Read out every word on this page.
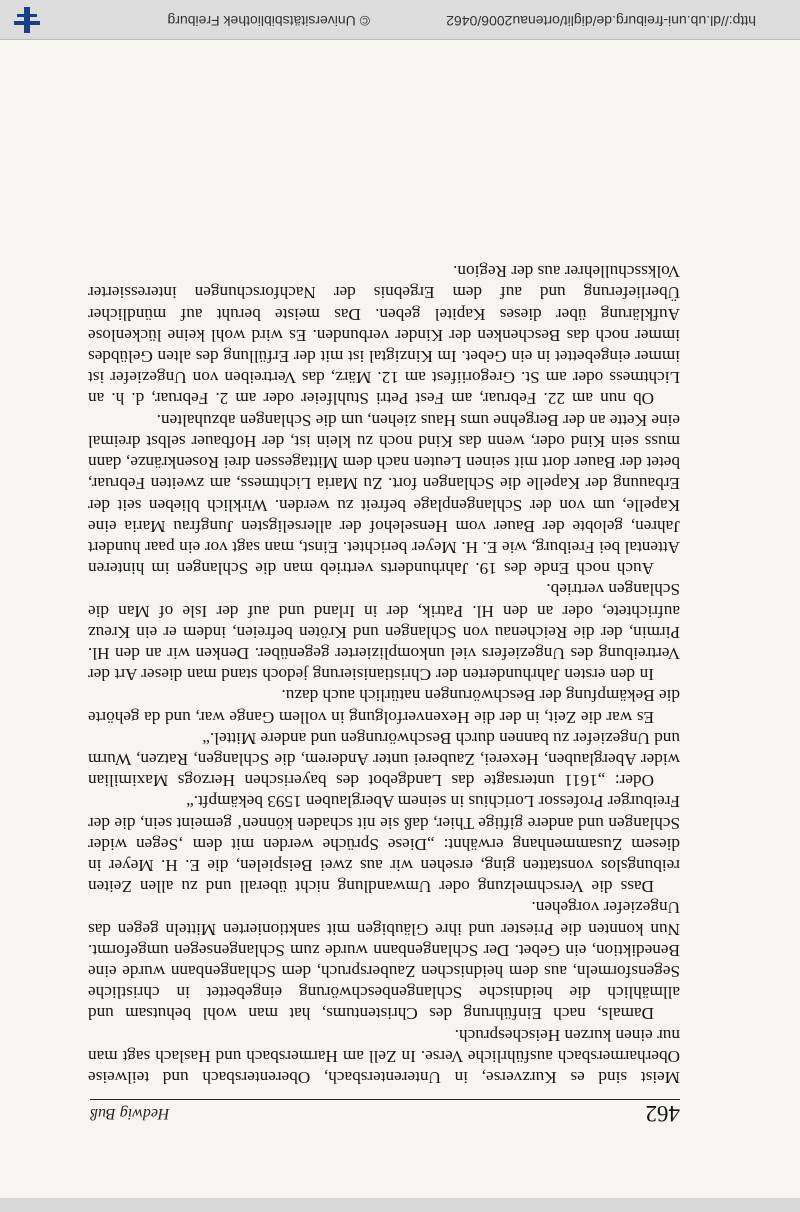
462
Hedwig Buß

Meist sind es Kurzverse, in Unterentersbach, Oberentersbach und teilweise Oberharmersbach ausführliche Verse. In Zell am Harmersbach und Haslach sagt man nur einen kurzen Heischespruch.

Damals, nach Einführung des Christentums, hat man wohl behutsam und allmählich die heidnische Schlangenbeschwörung eingebettet in christliche Segensformeln, aus dem heidnischen Zauberspruch, dem Schlangenbann wurde eine Benediktion, ein Gebet. Der Schlangenbann wurde zum Schlangensegen umgeformt. Nun konnten die Priester und ihre Gläubigen mit sanktionierten Mitteln gegen das Ungeziefer vorgehen.

Dass die Verschmelzung oder Umwandlung nicht überall und zu allen Zeiten reibungslos vonstatten ging, ersehen wir aus zwei Beispielen, die E. H. Meyer in diesem Zusammenhang erwähnt: „Diese Sprüche werden mit dem ‚Segen wider Schlangen und andere giftige Thier, daß sie nit schaden können‘ gemeint sein, die der Freiburger Professor Lorichius in seinem Aberglauben 1593 bekämpft.“

Oder: „1611 untersagte das Landgebot des bayerischen Herzogs Maximilian wider Aberglauben, Hexerei, Zauberei unter Anderem, die Schlangen, Ratzen, Wurm und Ungeziefer zu bannen durch Beschwörungen und andere Mittel.“

Es war die Zeit, in der die Hexenverfolgung in vollem Gange war, und da gehörte die Bekämpfung der Beschwörungen natürlich auch dazu.

In den ersten Jahrhunderten der Christianisierung jedoch stand man dieser Art der Vertreibung des Ungeziefers viel unkomplizierter gegenüber. Denken wir an den Hl. Pirmin, der die Reichenau von Schlangen und Kröten befreien, indem er ein Kreuz aufrichtete, oder an den Hl. Patrik, der in Irland und auf der Isle of Man die Schlangen vertrieb.

Auch noch Ende des 19. Jahrhunderts vertrieb man die Schlangen im hinteren Attental bei Freiburg, wie E. H. Meyer berichtet. Einst, man sagt vor ein paar hundert Jahren, gelobte der Bauer vom Henselehof der allerseligsten Jungfrau Maria eine Kapelle, um von der Schlangenplage befreit zu werden. Wirklich blieben seit der Erbauung der Kapelle die Schlangen fort. Zu Maria Lichtmess, am zweiten Februar, betet der Bauer dort mit seinen Leuten nach dem Mittagessen drei Rosenkränze, dann muss sein Kind oder, wenn das Kind noch zu klein ist, der Hofbauer selbst dreimal eine Kette an der Bergehne ums Haus ziehen, um die Schlangen abzuhalten.

Ob nun am 22. Februar, am Fest Petri Stuhlfeier oder am 2. Februar, d. h. an Lichtmess oder am St. Gregoriifest am 12. März, das Vertreiben von Ungeziefer ist immer eingebettet in ein Gebet. Im Kinzigtal ist mit der Erfüllung des alten Gelübdes immer noch das Beschenken der Kinder verbunden. Es wird wohl keine lückenlose Aufklärung über dieses Kapitel geben. Das meiste beruht auf mündlicher Überlieferung und auf dem Ergebnis der Nachforschungen interessierter Volksschullehrer aus der Region.

http://dl.ub.uni-freiburg.de/diglit/ortenau2006/0462
© Universitätsbibliothek Freiburg
